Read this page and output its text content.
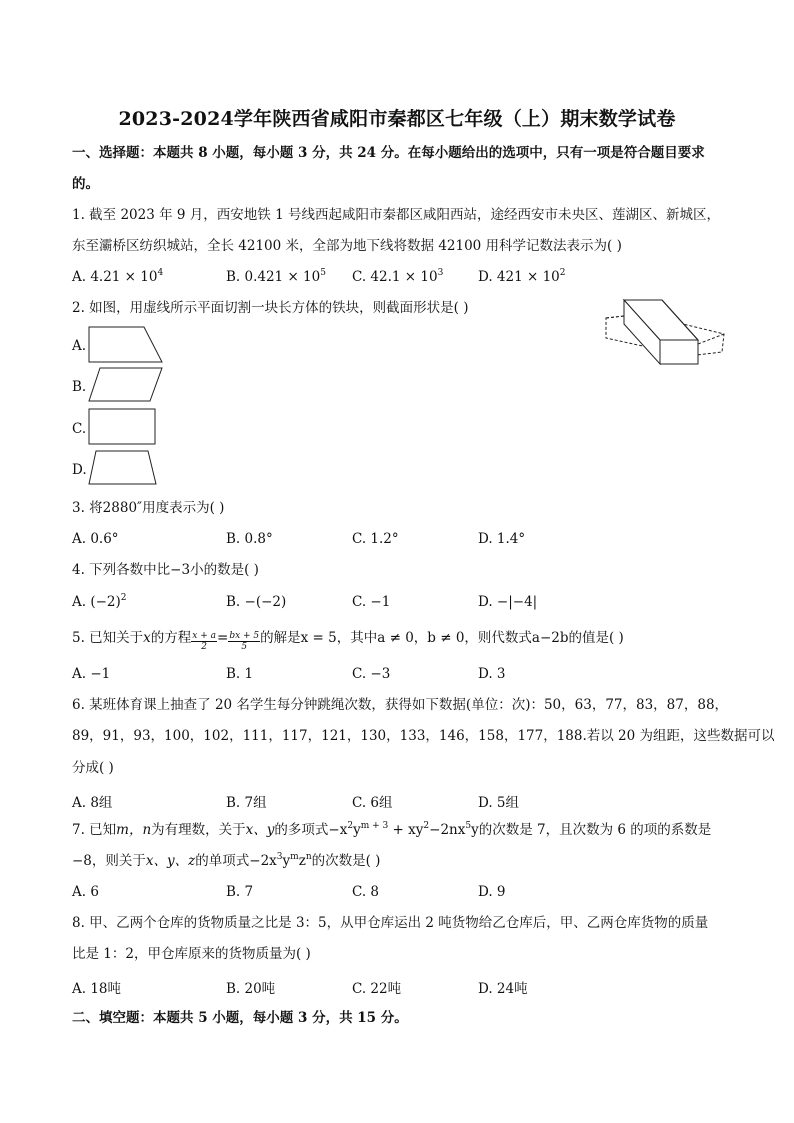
2023-2024学年陕西省咸阳市秦都区七年级（上）期末数学试卷
一、选择题：本题共 8 小题，每小题 3 分，共 24 分。在每小题给出的选项中，只有一项是符合题目要求
的。
1. 截至 2023 年 9 月，西安地铁 1 号线西起咸阳市秦都区咸阳西站，途经西安市未央区、莲湖区、新城区，
东至灞桥区纺织城站，全长 42100 米，全部为地下线将数据 42100 用科学记数法表示为( )
A. $4.21 \times 10^4$	B. $0.421 \times 10^5$ C. $42.1 \times 10^3$	D. $421 \times 10^2$
2. 如图，用虚线所示平面切割一块长方体的铁块，则截面形状是( )
A.
B.
C.
D.
3. 将2880″用度表示为( )
A. 0.6°	B. 0.8°	C. 1.2°	D. 1.4°
4. 下列各数中比−3小的数是( )
A. $(-2)^2$	B. −(−2)	C. −1	D. −|−4|
5. 已知关于x的方程 $\frac{x + a}{2} = \frac{bx + 5}{5}$ 的解是x = 5，其中a ≠ 0，b ≠ 0，则代数式a−2b的值是( )
A. −1	B. 1	C. −3	D. 3
6. 某班体育课上抽查了 20 名学生每分钟跳绳次数，获得如下数据(单位：次)：50，63，77，83，87，88，
89，91，93，100，102，111，117，121，130，133，146，158，177，188.若以 20 为组距，这些数据可以
分成( )
A. 8组	B. 7组	C. 6组	D. 5组
7. 已知m，n为有理数，关于x、y的多项式$-x^2y^{m + 3} + xy^2-2nx^5y$的次数是 7，且次数为 6 的项的系数是
−8，则关于x、y、z的单项式$-2x^3y^mz^n$的次数是( )
A. 6	B. 7	C. 8	D. 9
8. 甲、乙两个仓库的货物质量之比是 3：5，从甲仓库运出 2 吨货物给乙仓库后，甲、乙两仓库货物的质量
比是 1：2，甲仓库原来的货物质量为( )
A. 18吨	B. 20吨	C. 22吨	D. 24吨
二、填空题：本题共 5 小题，每小题 3 分，共 15 分。
